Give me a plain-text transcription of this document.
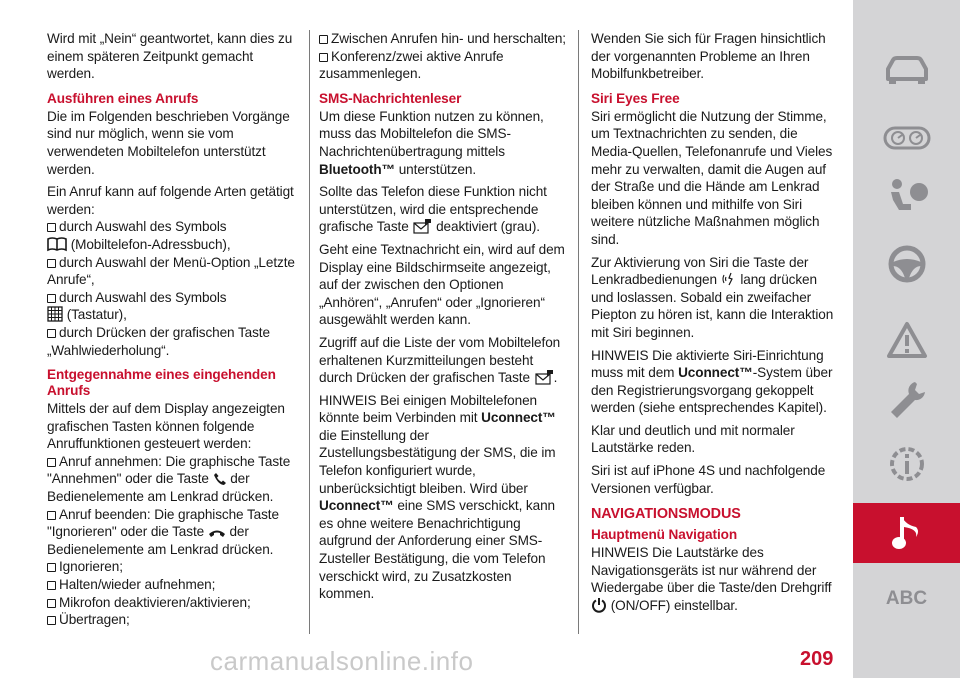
Wird mit „Nein“ geantwortet, kann dies zu einem späteren Zeitpunkt gemacht werden.

Ausführen eines Anrufs

Die im Folgenden beschrieben Vorgänge sind nur möglich, wenn sie vom verwendeten Mobiltelefon unterstützt werden.

Ein Anruf kann auf folgende Arten getätigt werden:

durch Auswahl des Symbols
(Mobiltelefon-Adressbuch),
durch Auswahl der Menü-Option „Letzte Anrufe“,
durch Auswahl des Symbols
(Tastatur),
durch Drücken der grafischen Taste „Wahlwiederholung“.
Entgegennahme eines eingehenden Anrufs

Mittels der auf dem Display angezeigten grafischen Tasten können folgende Anruffunktionen gesteuert werden:

Anruf annehmen: Die graphische Taste "Annehmen" oder die Taste der Bedienelemente am Lenkrad drücken.
Anruf beenden: Die graphische Taste "Ignorieren" oder die Taste der Bedienelemente am Lenkrad drücken.
Ignorieren;
Halten/wieder aufnehmen;
Mikrofon deaktivieren/aktivieren;
Übertragen;
Zwischen Anrufen hin- und herschalten;
Konferenz/zwei aktive Anrufe zusammenlegen.
SMS-Nachrichtenleser

Um diese Funktion nutzen zu können, muss das Mobiltelefon die SMS-Nachrichtenübertragung mittels Bluetooth™ unterstützen.

Sollte das Telefon diese Funktion nicht unterstützen, wird die entsprechende grafische Taste deaktiviert (grau).

Geht eine Textnachricht ein, wird auf dem Display eine Bildschirmseite angezeigt, auf der zwischen den Optionen „Anhören“, „Anrufen“ oder „Ignorieren“ ausgewählt werden kann.

Zugriff auf die Liste der vom Mobiltelefon erhaltenen Kurzmitteilungen besteht durch Drücken der grafischen Taste .

HINWEIS Bei einigen Mobiltelefonen könnte beim Verbinden mit Uconnect™ die Einstellung der Zustellungsbestätigung der SMS, die im Telefon konfiguriert wurde, unberücksichtigt bleiben. Wird über Uconnect™ eine SMS verschickt, kann es ohne weitere Benachrichtigung aufgrund der Anforderung einer SMS-Zusteller Bestätigung, die vom Telefon verschickt wird, zu Zusatzkosten kommen.

Wenden Sie sich für Fragen hinsichtlich der vorgenannten Probleme an Ihren Mobilfunkbetreiber.

Siri Eyes Free

Siri ermöglicht die Nutzung der Stimme, um Textnachrichten zu senden, die Media-Quellen, Telefonanrufe und Vieles mehr zu verwalten, damit die Augen auf der Straße und die Hände am Lenkrad bleiben können und mithilfe von Siri weitere nützliche Maßnahmen möglich sind.

Zur Aktivierung von Siri die Taste der Lenkradbedienungen lang drücken und loslassen. Sobald ein zweifacher Piepton zu hören ist, kann die Interaktion mit Siri beginnen.

HINWEIS Die aktivierte Siri-Einrichtung muss mit dem Uconnect™-System über den Registrierungsvorgang gekoppelt werden (siehe entsprechendes Kapitel).

Klar und deutlich und mit normaler Lautstärke reden.

Siri ist auf iPhone 4S und nachfolgende Versionen verfügbar.

NAVIGATIONSMODUS
Hauptmenü Navigation

HINWEIS Die Lautstärke des Navigationsgeräts ist nur während der Wiedergabe über die Taste/den Drehgriff
(ON/OFF) einstellbar.	ABC
209
carmanualsonline.info
